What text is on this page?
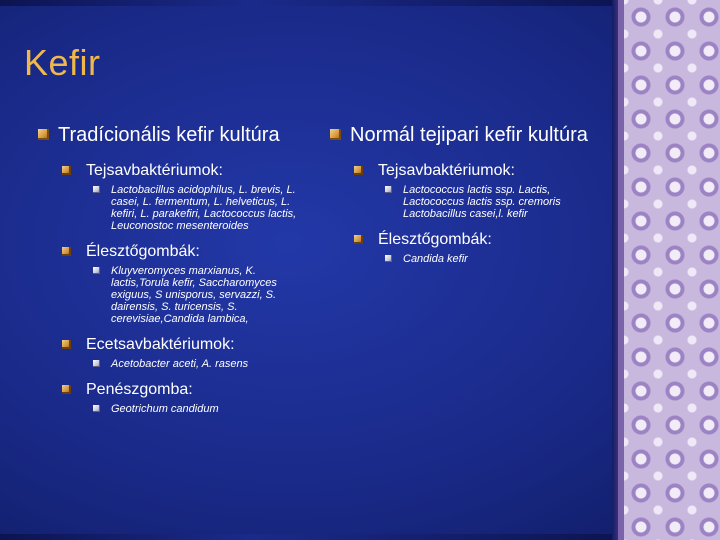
Kefir
Tradícionális kefir kultúra
Tejsavbaktériumok:
Lactobacillus acidophilus, L. brevis, L. casei, L. fermentum, L. helveticus, L. kefiri, L. parakefiri, Lactococcus lactis, Leuconostoc mesenteroides
Élesztőgombák:
Kluyveromyces marxianus, K. lactis,Torula kefir, Saccharomyces exiguus, S unisporus, servazzi, S. dairensis, S. turicensis, S. cerevisiae,Candida lambica,
Ecetsavbaktériumok:
Acetobacter aceti, A. rasens
Penészgomba:
Geotrichum candidum
Normál tejipari kefir kultúra
Tejsavbaktériumok:
Lactococcus lactis ssp. Lactis, Lactococcus lactis ssp. cremoris Lactobacillus casei,l. kefir
Élesztőgombák:
Candida kefir
